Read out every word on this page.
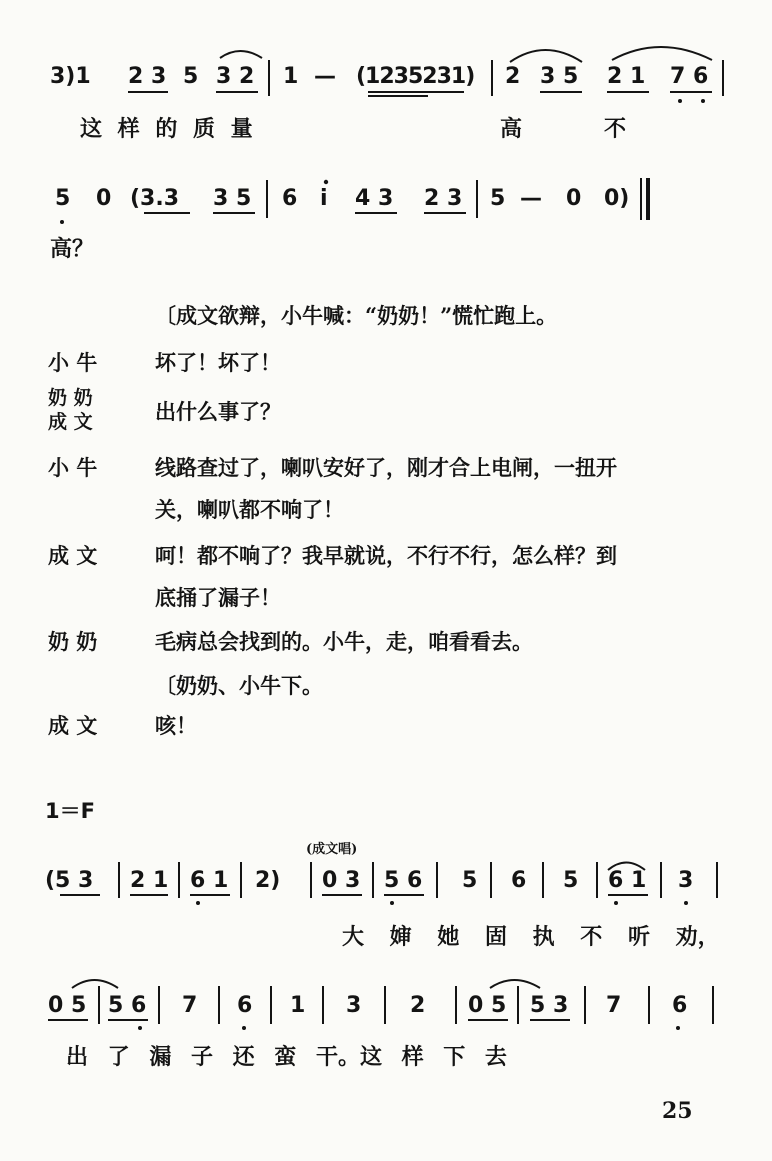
3)1 2 3 5 3 2 1 — (1235231) 2 3 5 2 1 7 6
这 样 的 质 量	高	不
5 0 (3.3 3 5 6 i 4 3 2 3 5 — 0 0)
高？
〔成文欲辩，小牛喊：“奶奶！”慌忙跑上。
小 牛	坏了！坏了！
奶 奶
成 文	出什么事了？
小 牛	线路查过了，喇叭安好了，刚才合上电闸，一扭开
关，喇叭都不响了！
成 文	呵！都不响了？我早就说，不行不行，怎么样？到
底捅了漏子！
奶 奶	毛病总会找到的。小牛，走，咱看看去。
〔奶奶、小牛下。
成 文	咳！
1＝F
(成文唱)
(5 3 2 1 6 1 2) 0 3 5 6 5 6 5 6 1 3
大 婶 她 固 执 不 听 劝，
0 5 5 6 7 6 1 3 2 0 5 5 3 7 6
出 了 漏 子 还 蛮 干。这 样 下 去
25
